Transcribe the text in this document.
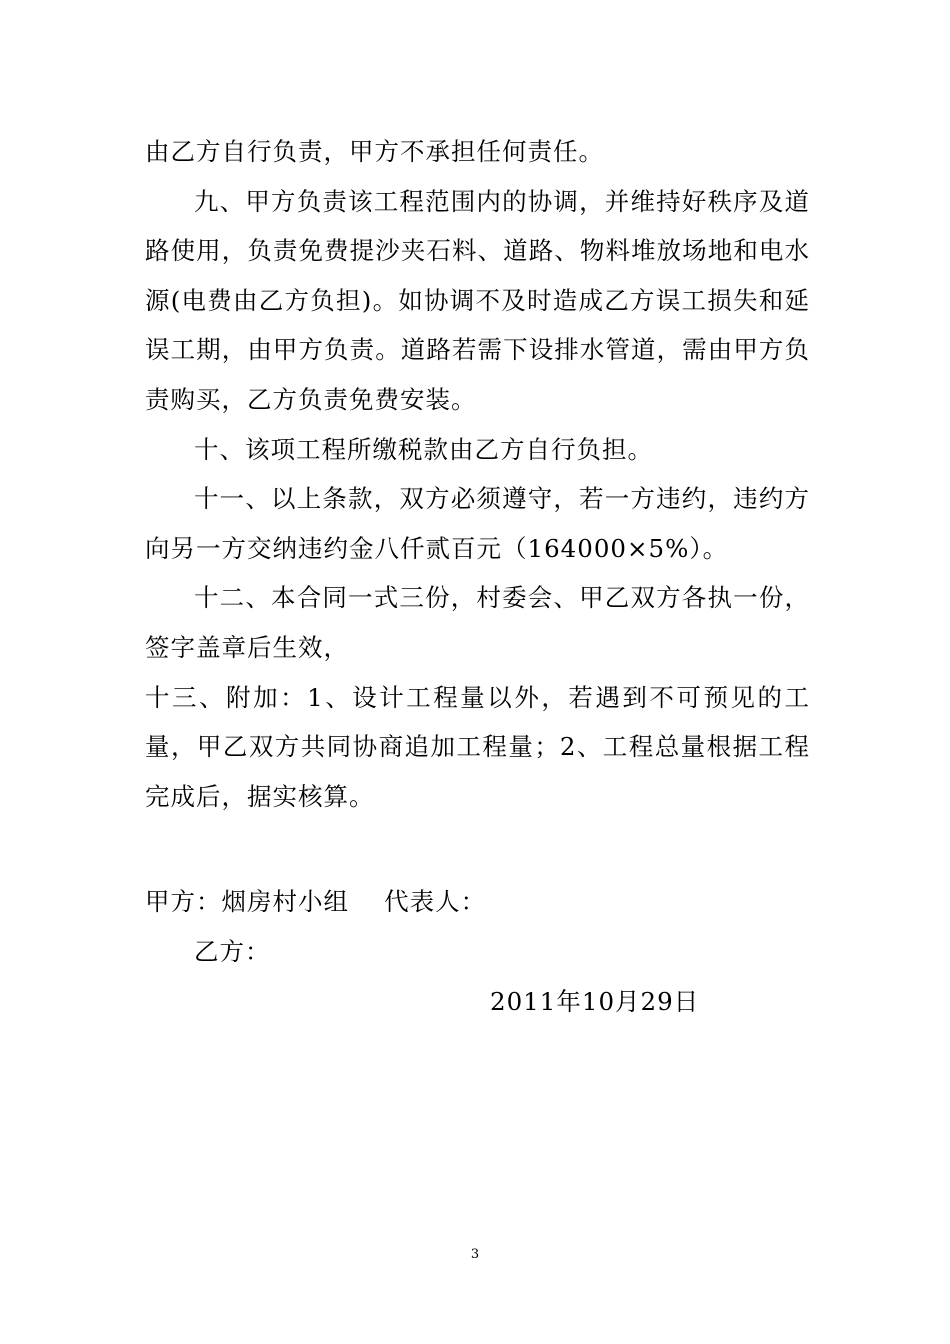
由乙方自行负责，甲方不承担任何责任。

九、甲方负责该工程范围内的协调，并维持好秩序及道路使用，负责免费提沙夹石料、道路、物料堆放场地和电水源(电费由乙方负担)。如协调不及时造成乙方误工损失和延误工期，由甲方负责。道路若需下设排水管道，需由甲方负责购买，乙方负责免费安装。

十、该项工程所缴税款由乙方自行负担。

十一、以上条款，双方必须遵守，若一方违约，违约方向另一方交纳违约金八仟贰百元（164000×5%）。

十二、本合同一式三份，村委会、甲乙双方各执一份，签字盖章后生效，

十三、附加：1、设计工程量以外，若遇到不可预见的工量，甲乙双方共同协商追加工程量；2、工程总量根据工程完成后，据实核算。

甲方：烟房村小组    代表人：
乙方：
2011年10月29日
3
